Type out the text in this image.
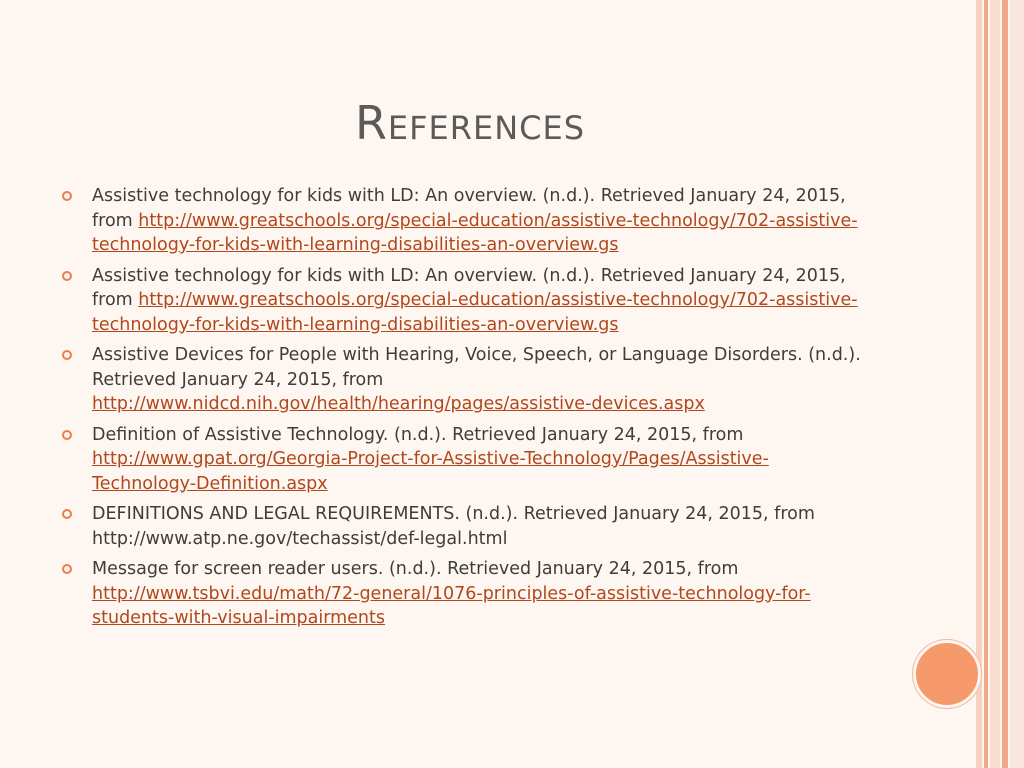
References
Assistive technology for kids with LD: An overview. (n.d.). Retrieved January 24, 2015, from http://www.greatschools.org/special-education/assistive-technology/702-assistive-technology-for-kids-with-learning-disabilities-an-overview.gs
Assistive technology for kids with LD: An overview. (n.d.). Retrieved January 24, 2015, from http://www.greatschools.org/special-education/assistive-technology/702-assistive-technology-for-kids-with-learning-disabilities-an-overview.gs
Assistive Devices for People with Hearing, Voice, Speech, or Language Disorders. (n.d.). Retrieved January 24, 2015, from http://www.nidcd.nih.gov/health/hearing/pages/assistive-devices.aspx
Definition of Assistive Technology. (n.d.). Retrieved January 24, 2015, from http://www.gpat.org/Georgia-Project-for-Assistive-Technology/Pages/Assistive-Technology-Definition.aspx
DEFINITIONS AND LEGAL REQUIREMENTS. (n.d.). Retrieved January 24, 2015, from http://www.atp.ne.gov/techassist/def-legal.html
Message for screen reader users. (n.d.). Retrieved January 24, 2015, from http://www.tsbvi.edu/math/72-general/1076-principles-of-assistive-technology-for-students-with-visual-impairments
